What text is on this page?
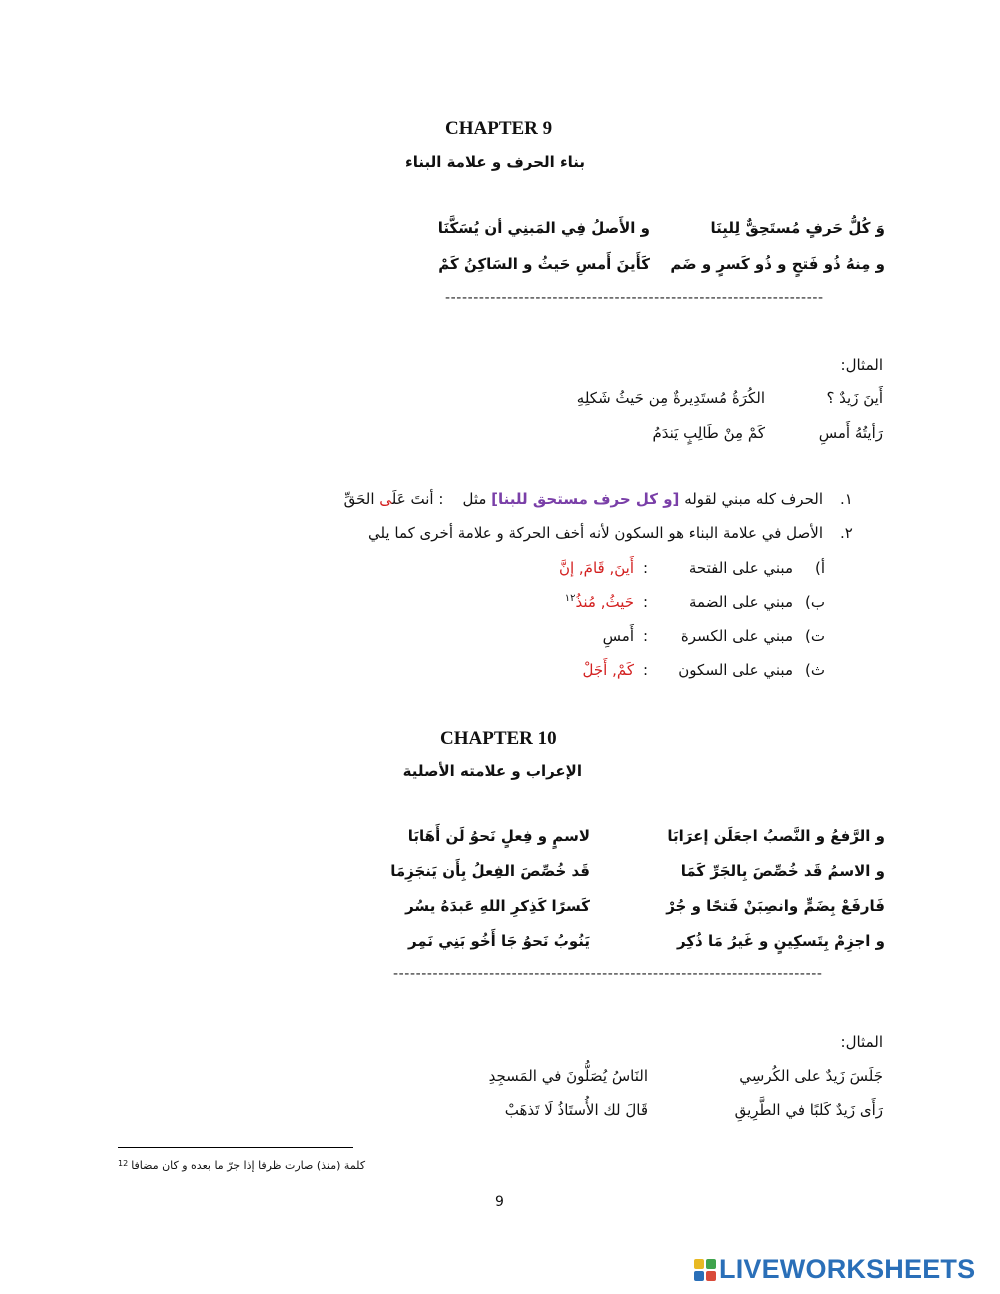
CHAPTER 9
بناء الحرف و علامة البناء
وَ كُلُّ حَرفٍ مُستَحِقٌّ لِلبِنَا
و الأَصلُ فِي المَبنِي أن يُسَكَّنَا
و مِنهُ ذُو فَتحٍ و ذُو كَسرٍ و ضَم
كَأَينَ أَمسِ حَيثُ و السَاكِنُ كَمْ
-------------------------------------------------------------------
المثال:
أَينَ زَيدٌ ؟
الكُرَةُ مُستَدِيرةٌ مِن حَيثُ شَكلِهِ
رَأيتُهُ أَمسِ
كَمْ مِنْ طَالِبٍ يَندَمُ
.١
الحرف كله مبني لقوله [و كل حرف مستحق للبنا] مثل    : أنتَ عَلَى الحَقِّ
.٢
الأصل في علامة البناء هو السكون لأنه أخف الحركة و علامة أخرى كما يلي
أ)
مبني على الفتحة
:
أَينَ, قَامَ, إنَّ
ب)
مبني على الضمة
:
حَيثُ, مُنذُ$^{١٢}$
ت)
مبني على الكسرة
:
أَمسِ
ث)
مبني على السكون
:
كَمْ, أَجَلْ
CHAPTER 10
الإعراب و علامته الأصلية
و الرَّفعُ و النَّصبُ اجعَلَن إعرَابَا
لاسمٍ و فِعلٍ نَحوُ لَن أَهَابَا
و الاسمُ قَد خُصِّصَ بِالجَرِّ كَمَا
قَد خُصِّصَ الفِعلُ بِأَن يَنجَزِمَا
فَارفَعْ بِضَمٍّ وانصِبَنْ فَتحًا و جُرْ
كَسرًا كَذِكرِ اللهِ عَبدَهُ يسُر
و اجزِمْ بِتَسكِينٍ و غَيرُ مَا ذُكِر
يَنُوبُ نَحوُ جَا أَخُو بَنِي نَمِر
----------------------------------------------------------------------------
المثال:
جَلَسَ زَيدٌ على الكُرسِي
النَاسُ يُصَلُّونَ في المَسجِدِ
رَأَى زَيدٌ كَلبًا في الطَّرِيقِ
قَالَ لك الأُستَاذُ لَا تَذهَبْ
12 كلمة (منذ) صارت ظرفا إذا جرّ ما بعده و كان مضافا
9
LIVEWORKSHEETS
